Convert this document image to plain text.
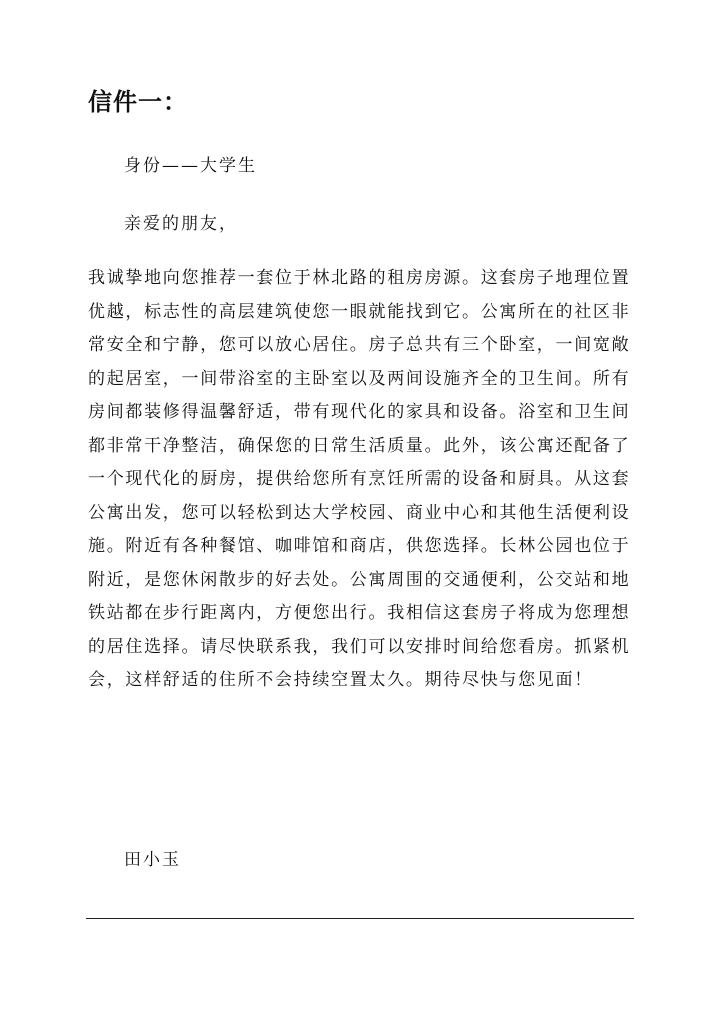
信件一：
身份——大学生
亲爱的朋友，
我诚挚地向您推荐一套位于林北路的租房房源。这套房子地理位置
优越，标志性的高层建筑使您一眼就能找到它。公寓所在的社区非
常安全和宁静，您可以放心居住。房子总共有三个卧室，一间宽敞
的起居室，一间带浴室的主卧室以及两间设施齐全的卫生间。所有
房间都装修得温馨舒适，带有现代化的家具和设备。浴室和卫生间
都非常干净整洁，确保您的日常生活质量。此外，该公寓还配备了
一个现代化的厨房，提供给您所有烹饪所需的设备和厨具。从这套
公寓出发，您可以轻松到达大学校园、商业中心和其他生活便利设
施。附近有各种餐馆、咖啡馆和商店，供您选择。长林公园也位于
附近，是您休闲散步的好去处。公寓周围的交通便利，公交站和地
铁站都在步行距离内，方便您出行。我相信这套房子将成为您理想
的居住选择。请尽快联系我，我们可以安排时间给您看房。抓紧机
会，这样舒适的住所不会持续空置太久。期待尽快与您见面！
田小玉
